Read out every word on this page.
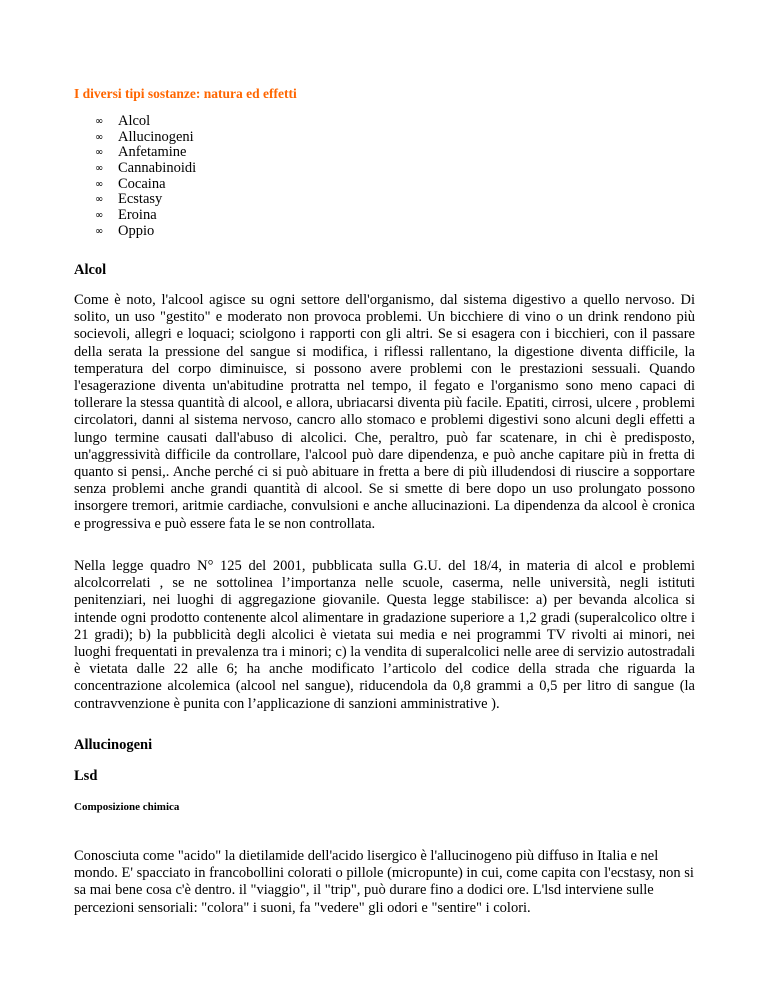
I diversi tipi sostanze: natura ed effetti
∞ Alcol
∞ Allucinogeni
∞ Anfetamine
∞ Cannabinoidi
∞ Cocaina
∞ Ecstasy
∞ Eroina
∞ Oppio
Alcol

Come è noto, l'alcool agisce su ogni settore dell'organismo, dal sistema digestivo a quello nervoso. Di solito, un uso "gestito" e moderato non provoca problemi. Un bicchiere di vino o un drink rendono più socievoli, allegri e loquaci; sciolgono i rapporti con gli altri. Se si esagera con i bicchieri, con il passare della serata la pressione del sangue si modifica, i riflessi rallentano, la digestione diventa difficile, la temperatura del corpo diminuisce, si possono avere problemi con le prestazioni sessuali. Quando l'esagerazione diventa un'abitudine protratta nel tempo, il fegato e l'organismo sono meno capaci di tollerare la stessa quantità di alcool, e allora, ubriacarsi diventa più facile. Epatiti, cirrosi, ulcere , problemi circolatori, danni al sistema nervoso, cancro allo stomaco e problemi digestivi sono alcuni degli effetti a lungo termine causati dall'abuso di alcolici. Che, peraltro, può far scatenare, in chi è predisposto, un'aggressività difficile da controllare, l'alcool può dare dipendenza, e può anche capitare più in fretta di quanto si pensi,. Anche perché ci si può abituare in fretta a bere di più illudendosi di riuscire a sopportare senza problemi anche grandi quantità di alcool. Se si smette di bere dopo un uso prolungato possono insorgere tremori, aritmie cardiache, convulsioni e anche allucinazioni. La dipendenza da alcool è cronica e progressiva e può essere fata le se non controllata.

Nella legge quadro N° 125 del 2001, pubblicata sulla G.U. del 18/4, in materia di alcol e problemi alcolcorrelati , se ne sottolinea l’importanza nelle scuole, caserma, nelle università, negli istituti penitenziari, nei luoghi di aggregazione giovanile. Questa legge stabilisce: a) per bevanda alcolica si intende ogni prodotto contenente alcol alimentare in gradazione superiore a 1,2 gradi (superalcolico oltre i 21 gradi); b) la pubblicità degli alcolici è vietata sui media e nei programmi TV rivolti ai minori, nei luoghi frequentati in prevalenza tra i minori; c) la vendita di superalcolici nelle aree di servizio autostradali è vietata dalle 22 alle 6; ha anche modificato l’articolo del codice della strada che riguarda la concentrazione alcolemica (alcool nel sangue), riducendola da 0,8 grammi a 0,5 per litro di sangue (la contravvenzione è punita con l’applicazione di sanzioni amministrative ).

Allucinogeni
Lsd
Composizione chimica

Conosciuta come "acido" la dietilamide dell'acido lisergico è l'allucinogeno più diffuso in Italia e nel mondo. E' spacciato in francobollini colorati o pillole (micropunte) in cui, come capita con l'ecstasy, non si sa mai bene cosa c'è dentro. il "viaggio", il "trip", può durare fino a dodici ore. L'lsd interviene sulle percezioni sensoriali: "colora" i suoni, fa "vedere" gli odori e "sentire" i colori.
